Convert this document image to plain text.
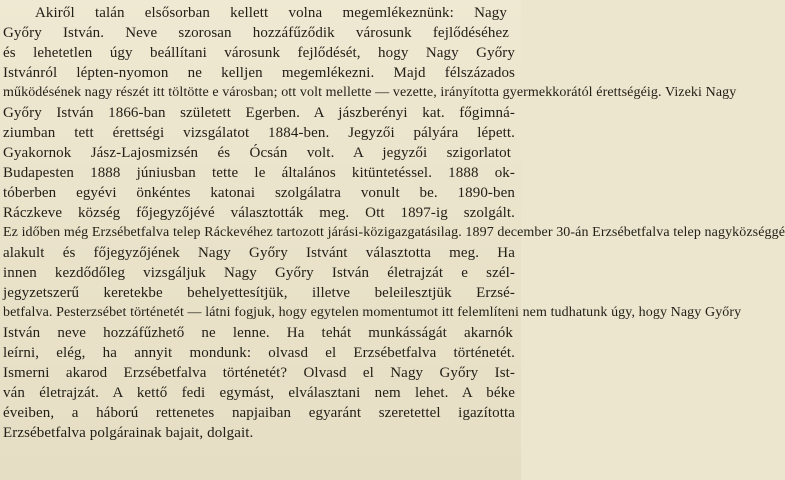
Akiről talán elsősorban kellett volna megemlékeznünk: Nagy
Győry István. Neve szorosan hozzáfűződik városunk fejlődéséhez
és lehetetlen úgy beállítani városunk fejlődését, hogy Nagy Győry
Istvánról lépten-nyomon ne kelljen megemlékezni. Majd félszázados
működésének nagy részét itt töltötte e városban; ott volt mellette — vezette, irányította gyermekkorától érettségéig. Vizeki Nagy
Győry István 1866-ban született Egerben. A jászberényi kat. főgimná-
ziumban tett érettségi vizsgálatot 1884-ben. Jegyzői pályára lépett.
Gyakornok Jász-Lajosmizsén és Ócsán volt. A jegyzői szigorlatot
Budapesten 1888 júniusban tette le általános kitüntetéssel. 1888 ok-
tóberben egyévi önkéntes katonai szolgálatra vonult be. 1890-ben
Ráczkeve község főjegyzőjévé választották meg. Ott 1897-ig szolgált.
Ez időben még Erzsébetfalva telep Ráckevéhez tartozott járási-közigazgatásilag. 1897 december 30-án Erzsébetfalva telep nagyközséggé
alakult és főjegyzőjének Nagy Győry Istvánt választotta meg. Ha
innen kezdődőleg vizsgáljuk Nagy Győry István életrajzát e szél-
jegyzetszerű keretekbe behelyettesítjük, illetve beleilesztjük Erzsé-
betfalva. Pesterzsébet történetét — látni fogjuk, hogy egytelen momentumot itt felemlíteni nem tudhatunk úgy, hogy Nagy Győry
István neve hozzáfűzhető ne lenne. Ha tehát munkásságát akarnók
leírni, elég, ha annyit mondunk: olvasd el Erzsébetfalva történetét.
Ismerni akarod Erzsébetfalva történetét? Olvasd el Nagy Győry Ist-
ván életrajzát. A kettő fedi egymást, elválasztani nem lehet. A béke
éveiben, a háború rettenetes napjaiban egyaránt szeretettel igazította
Erzsébetfalva polgárainak bajait, dolgait.
